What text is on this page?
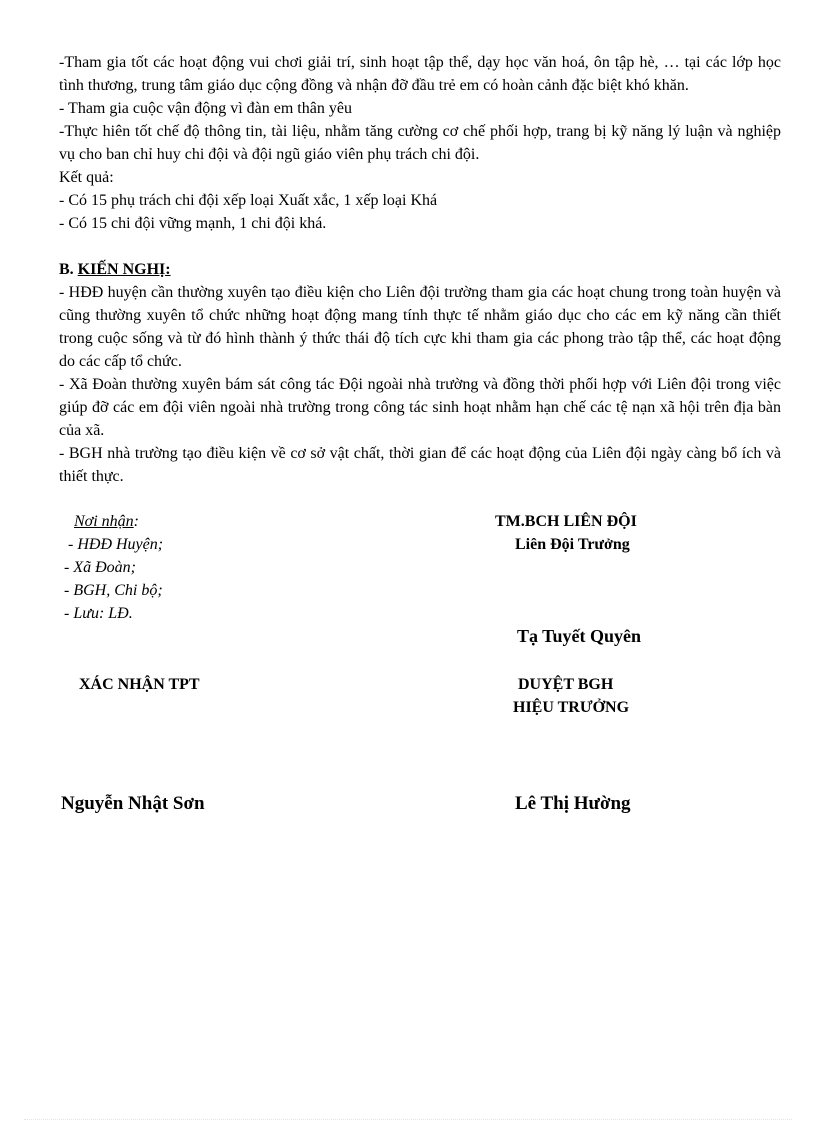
-Tham gia tốt các hoạt động vui chơi giải trí, sinh hoạt tập thể, dạy học văn hoá, ôn tập hè, … tại các lớp học tình thương, trung tâm giáo dục cộng đồng và nhận đỡ đầu trẻ em có hoàn cảnh đặc biệt khó khăn.

- Tham gia cuộc vận động vì đàn em thân yêu

-Thực hiên tốt chế độ thông tin, tài liệu, nhằm tăng cường cơ chế phối hợp, trang bị kỹ năng lý luận và nghiệp vụ cho ban chỉ huy chi đội và đội ngũ giáo viên phụ trách chi đội.

Kết quả:

- Có 15 phụ trách chi đội xếp loại Xuất xắc, 1 xếp loại Khá

- Có 15 chi đội vững mạnh, 1 chi đội khá.

B. KIẾN NGHỊ:

- HĐĐ huyện cần thường xuyên tạo điều kiện cho Liên đội trường tham gia các hoạt chung trong toàn huyện và cũng thường xuyên tổ chức những hoạt động mang tính thực tế nhằm giáo dục cho các em kỹ năng cần thiết trong cuộc sống và từ đó hình thành ý thức thái độ tích cực khi tham gia các phong trào tập thể, các hoạt động do các cấp tổ chức.

- Xã Đoàn thường xuyên bám sát công tác Đội ngoài nhà trường và đồng thời phối hợp với Liên đội trong việc giúp đỡ các em đội viên ngoài nhà trường trong công tác sinh hoạt nhằm hạn chế các tệ nạn xã hội trên địa bàn của xã.

- BGH nhà trường tạo điều kiện về cơ sở vật chất, thời gian để các hoạt động của Liên đội ngày càng bổ ích và thiết thực.

Nơi nhận:
- HĐĐ Huyện;
- Xã Đoàn;
- BGH, Chi bộ;
- Lưu: LĐ.
TM.BCH LIÊN ĐỘI
Liên Đội Trưởng
Tạ Tuyết Quyên
XÁC NHẬN TPT	DUYỆT BGH
HIỆU TRƯỞNG
Nguyễn Nhật Sơn	Lê Thị Hường
